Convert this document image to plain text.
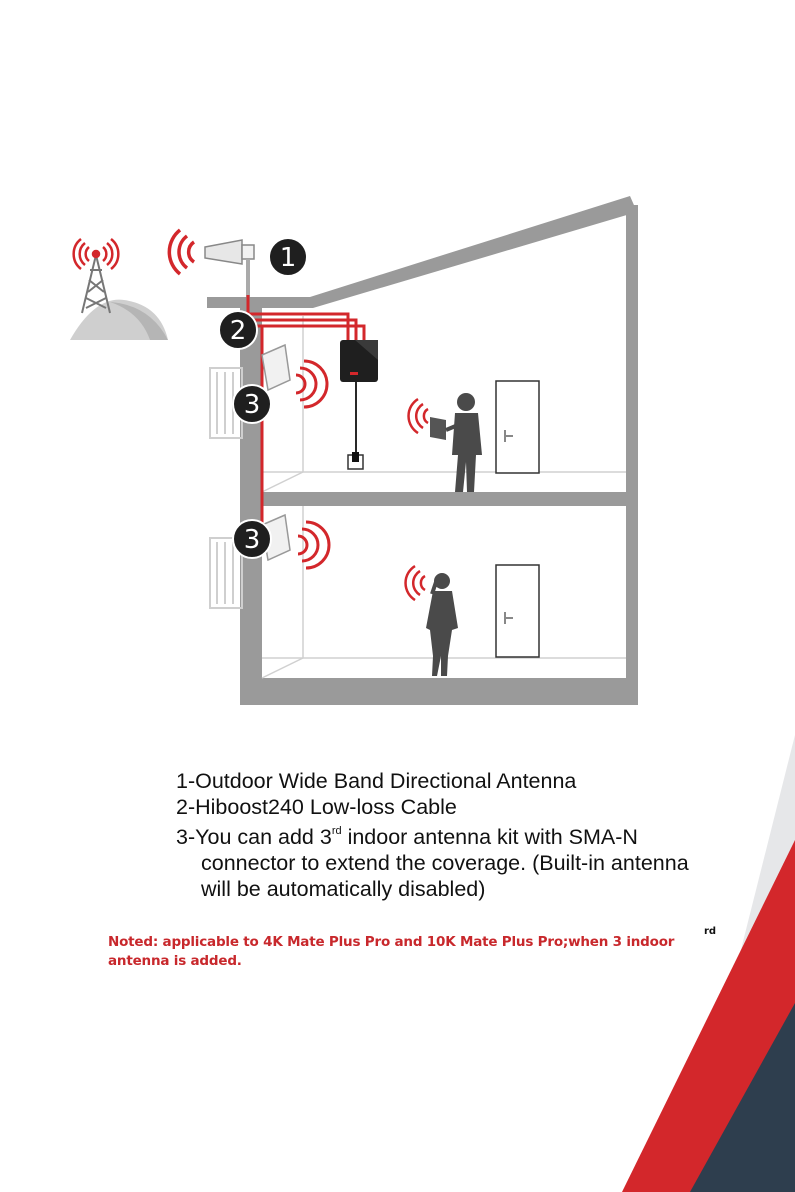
1
2
3
3
1-Outdoor Wide Band Directional Antenna
2-Hiboost240 Low-loss Cable
3-You can add 3rd indoor antenna kit with SMA-N
connector to extend the coverage. (Built-in antenna
will be automatically disabled)
Noted: applicable to 4K Mate Plus Pro and 10K Mate Plus Pro;when 3 indoor antenna is added.
rd
